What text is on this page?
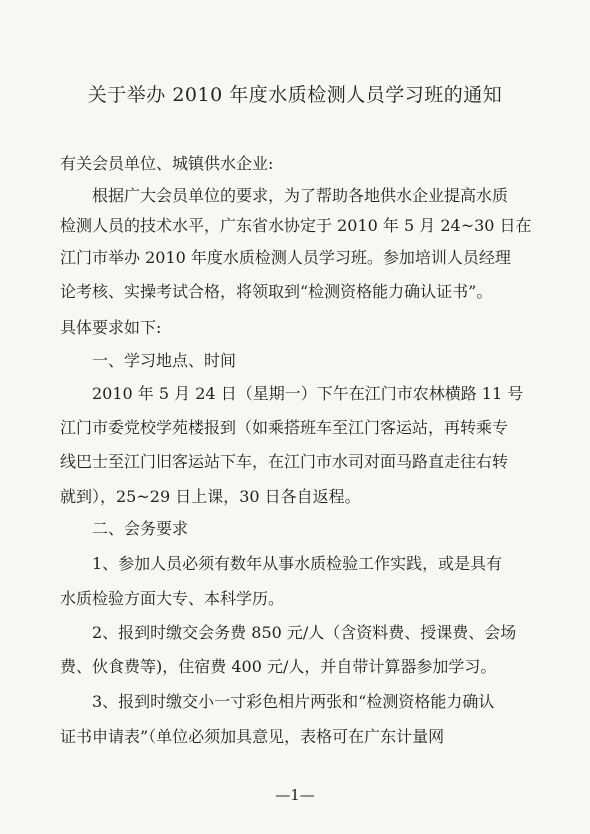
关于举办 2010 年度水质检测人员学习班的通知
有关会员单位、城镇供水企业:
根据广大会员单位的要求，为了帮助各地供水企业提高水质
检测人员的技术水平，广东省水协定于 2010 年 5 月 24~30 日在
江门市举办 2010 年度水质检测人员学习班。参加培训人员经理
论考核、实操考试合格，将领取到“检测资格能力确认证书”。
具体要求如下:
一、学习地点、时间
2010 年 5 月 24 日（星期一）下午在江门市农林横路 11 号
江门市委党校学苑楼报到（如乘搭班车至江门客运站，再转乘专
线巴士至江门旧客运站下车，在江门市水司对面马路直走往右转
就到），25~29 日上课，30 日各自返程。
二、会务要求
1、参加人员必须有数年从事水质检验工作实践，或是具有
水质检验方面大专、本科学历。
2、报到时缴交会务费 850 元/人（含资料费、授课费、会场
费、伙食费等)，住宿费 400 元/人，并自带计算器参加学习。
3、报到时缴交小一寸彩色相片两张和“检测资格能力确认
证书申请表”（单位必须加具意见，表格可在广东计量网
—1—
